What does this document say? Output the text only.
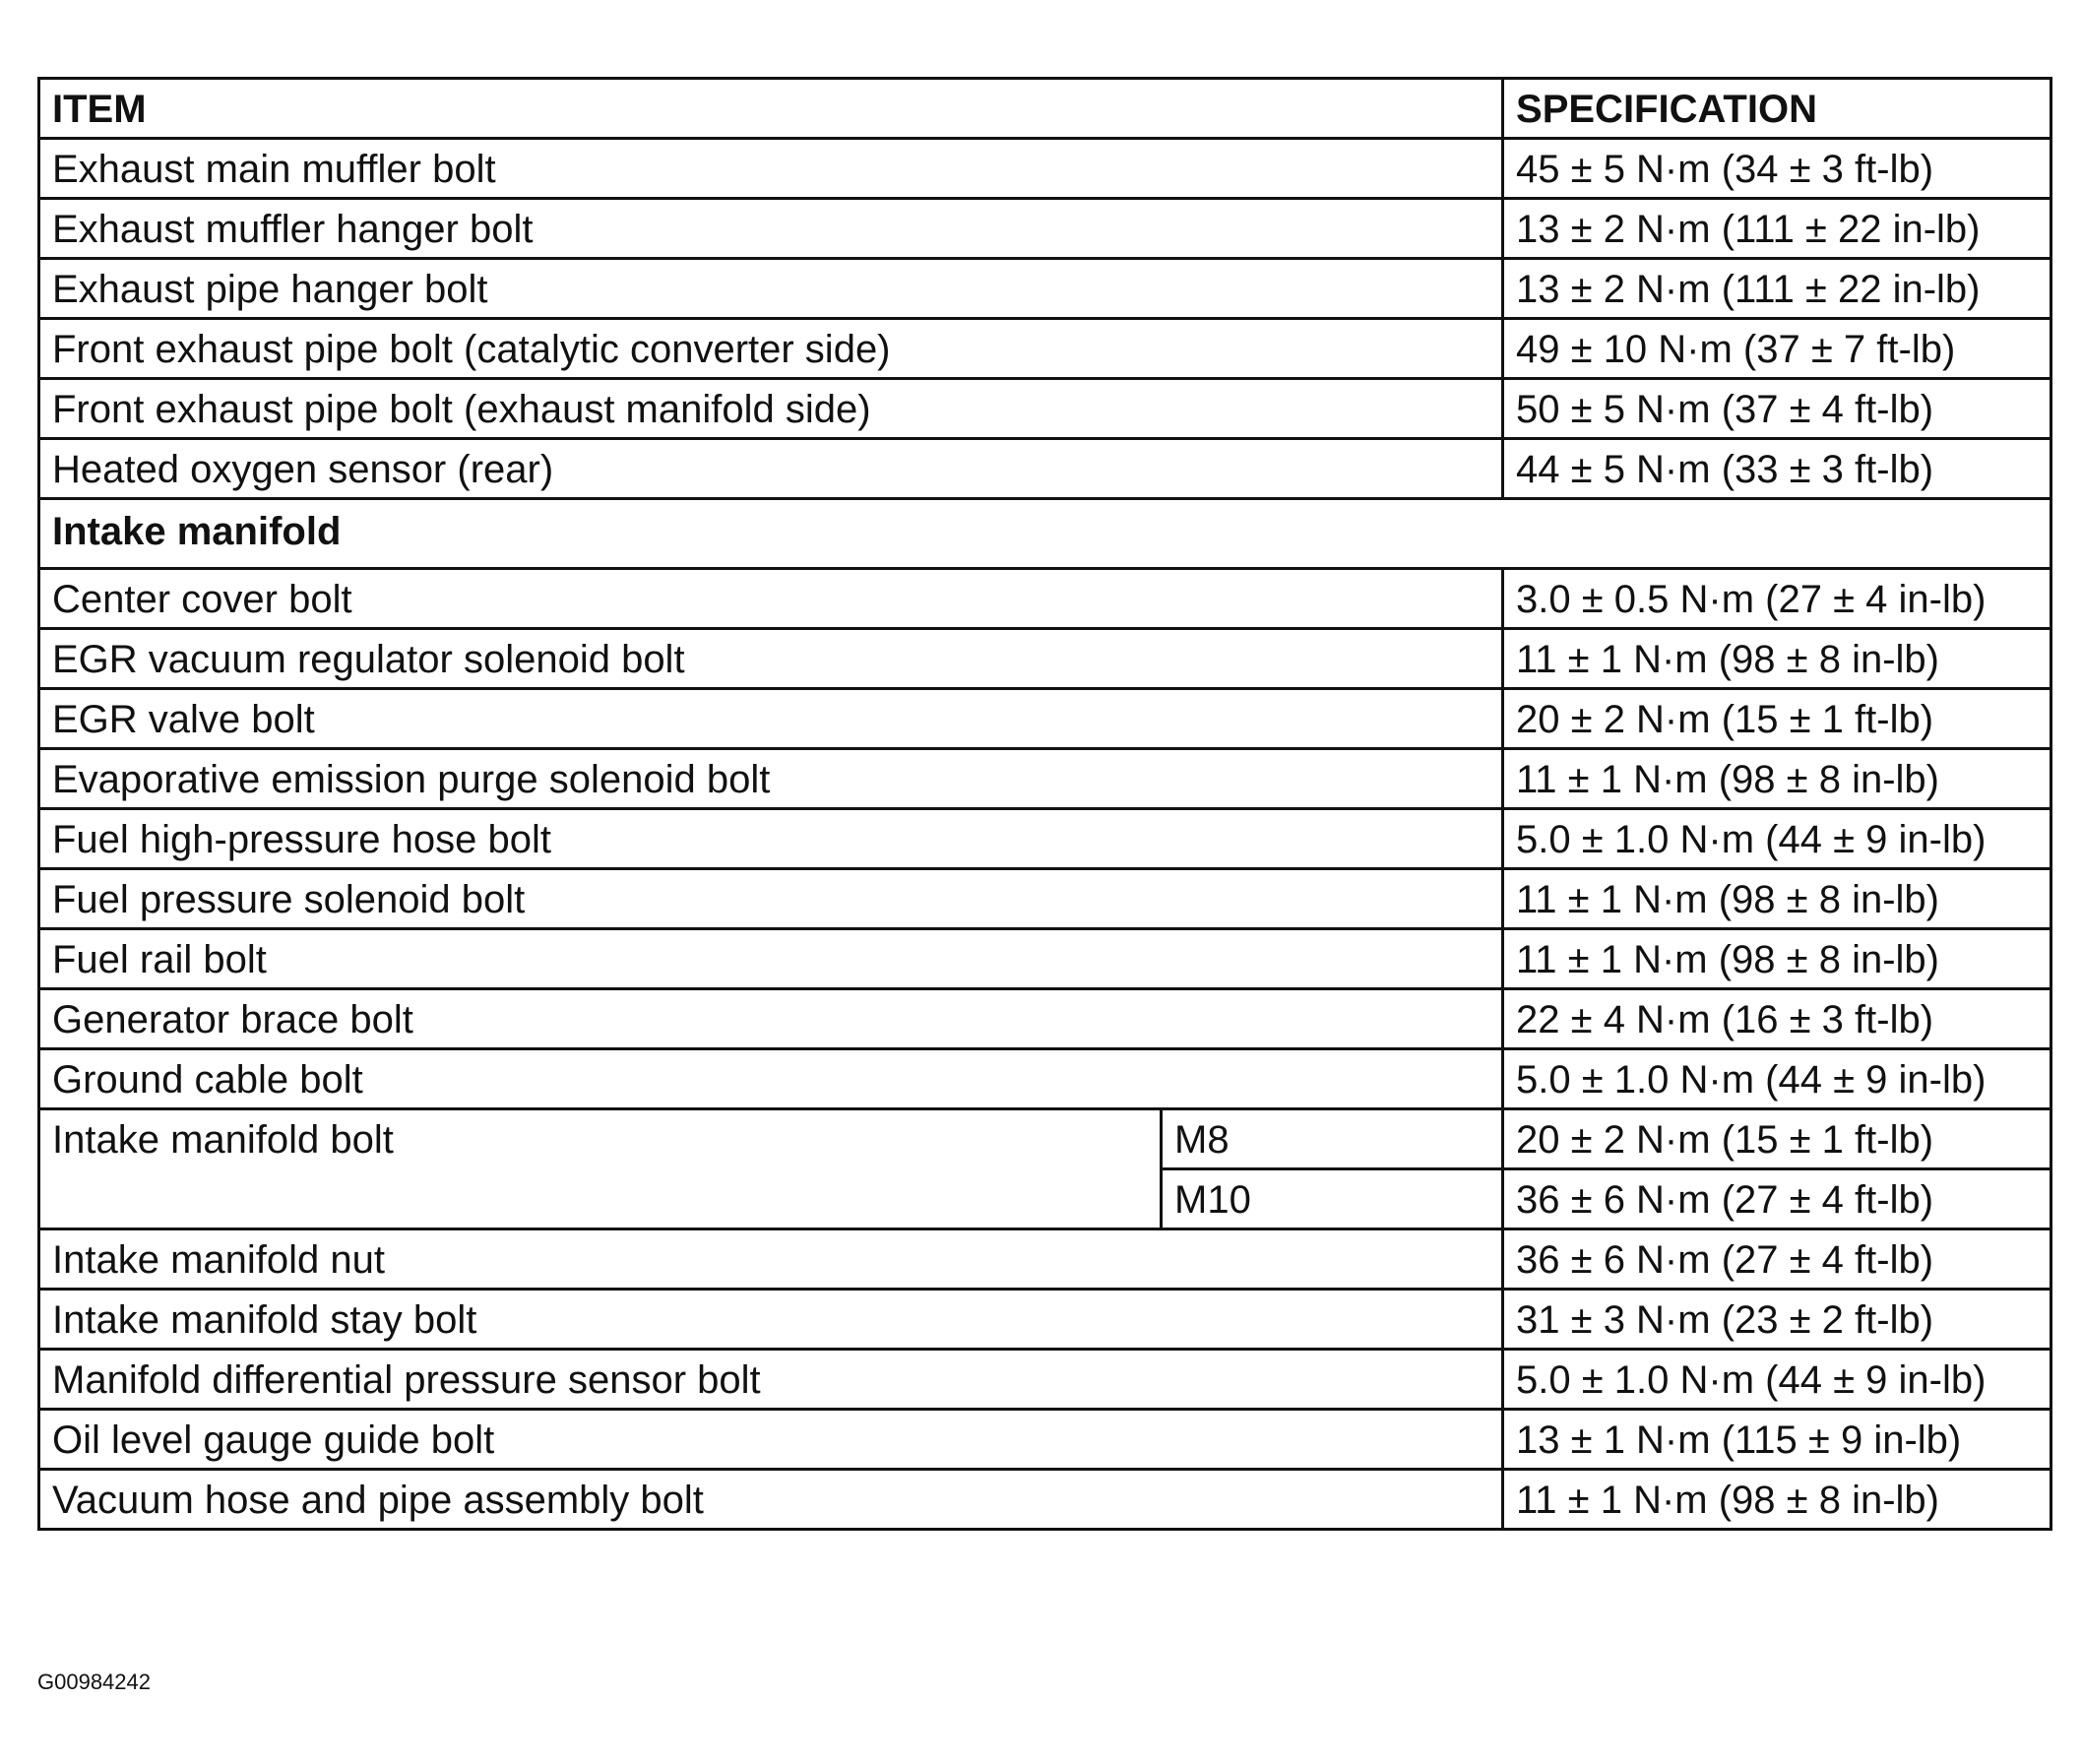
ITEM		SPECIFICATION
Exhaust main muffler bolt		45 ± 5 N·m (34 ± 3 ft-lb)
Exhaust muffler hanger bolt		13 ± 2 N·m (111 ± 22 in-lb)
Exhaust pipe hanger bolt		13 ± 2 N·m (111 ± 22 in-lb)
Front exhaust pipe bolt (catalytic converter side)		49 ± 10 N·m (37 ± 7 ft-lb)
Front exhaust pipe bolt (exhaust manifold side)		50 ± 5 N·m (37 ± 4 ft-lb)
Heated oxygen sensor (rear)		44 ± 5 N·m (33 ± 3 ft-lb)
Intake manifold		
Center cover bolt		3.0 ± 0.5 N·m (27 ± 4 in-lb)
EGR vacuum regulator solenoid bolt		11 ± 1 N·m (98 ± 8 in-lb)
EGR valve bolt		20 ± 2 N·m (15 ± 1 ft-lb)
Evaporative emission purge solenoid bolt		11 ± 1 N·m (98 ± 8 in-lb)
Fuel high-pressure hose bolt		5.0 ± 1.0 N·m (44 ± 9 in-lb)
Fuel pressure solenoid bolt		11 ± 1 N·m (98 ± 8 in-lb)
Fuel rail bolt		11 ± 1 N·m (98 ± 8 in-lb)
Generator brace bolt		22 ± 4 N·m (16 ± 3 ft-lb)
Ground cable bolt		5.0 ± 1.0 N·m (44 ± 9 in-lb)
Intake manifold bolt	M8	20 ± 2 N·m (15 ± 1 ft-lb)
	M10	36 ± 6 N·m (27 ± 4 ft-lb)
Intake manifold nut		36 ± 6 N·m (27 ± 4 ft-lb)
Intake manifold stay bolt		31 ± 3 N·m (23 ± 2 ft-lb)
Manifold differential pressure sensor bolt		5.0 ± 1.0 N·m (44 ± 9 in-lb)
Oil level gauge guide bolt		13 ± 1 N·m (115 ± 9 in-lb)
Vacuum hose and pipe assembly bolt		11 ± 1 N·m (98 ± 8 in-lb)
G00984242
